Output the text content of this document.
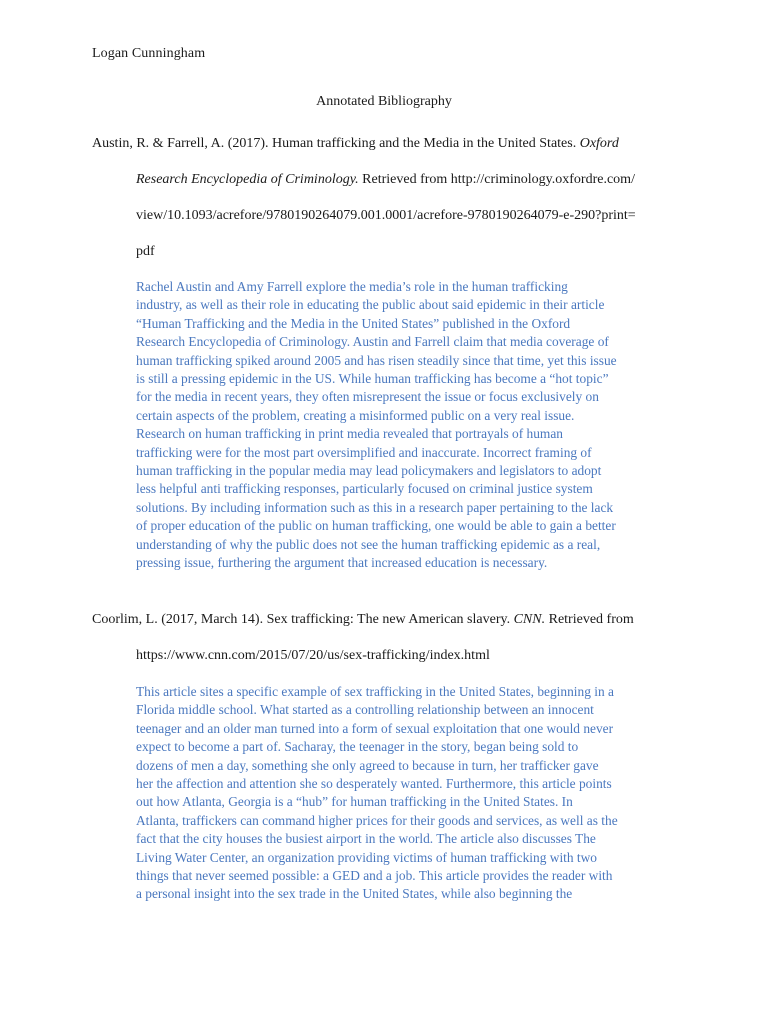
Logan Cunningham
Annotated Bibliography
Austin, R. & Farrell, A. (2017). Human trafficking and the Media in the United States. Oxford
Research Encyclopedia of Criminology. Retrieved from http://criminology.oxfordre.com/
view/10.1093/acrefore/9780190264079.001.0001/acrefore-9780190264079-e-290?print=
pdf
Rachel Austin and Amy Farrell explore the media’s role in the human trafficking
industry, as well as their role in educating the public about said epidemic in their article
“Human Trafficking and the Media in the United States” published in the Oxford
Research Encyclopedia of Criminology. Austin and Farrell claim that media coverage of
human trafficking spiked around 2005 and has risen steadily since that time, yet this issue
is still a pressing epidemic in the US. While human trafficking has become a “hot topic”
for the media in recent years, they often misrepresent the issue or focus exclusively on
certain aspects of the problem, creating a misinformed public on a very real issue.
Research on human trafficking in print media revealed that portrayals of human
trafficking were for the most part oversimplified and inaccurate. Incorrect framing of
human trafficking in the popular media may lead policymakers and legislators to adopt
less helpful anti trafficking responses, particularly focused on criminal justice system
solutions. By including information such as this in a research paper pertaining to the lack
of proper education of the public on human trafficking, one would be able to gain a better
understanding of why the public does not see the human trafficking epidemic as a real,
pressing issue, furthering the argument that increased education is necessary.
Coorlim, L. (2017, March 14). Sex trafficking: The new American slavery. CNN. Retrieved from
https://www.cnn.com/2015/07/20/us/sex-trafficking/index.html
This article sites a specific example of sex trafficking in the United States, beginning in a
Florida middle school. What started as a controlling relationship between an innocent
teenager and an older man turned into a form of sexual exploitation that one would never
expect to become a part of. Sacharay, the teenager in the story, began being sold to
dozens of men a day, something she only agreed to because in turn, her trafficker gave
her the affection and attention she so desperately wanted. Furthermore, this article points
out how Atlanta, Georgia is a “hub” for human trafficking in the United States. In
Atlanta, traffickers can command higher prices for their goods and services, as well as the
fact that the city houses the busiest airport in the world. The article also discusses The
Living Water Center, an organization providing victims of human trafficking with two
things that never seemed possible: a GED and a job. This article provides the reader with
a personal insight into the sex trade in the United States, while also beginning the
